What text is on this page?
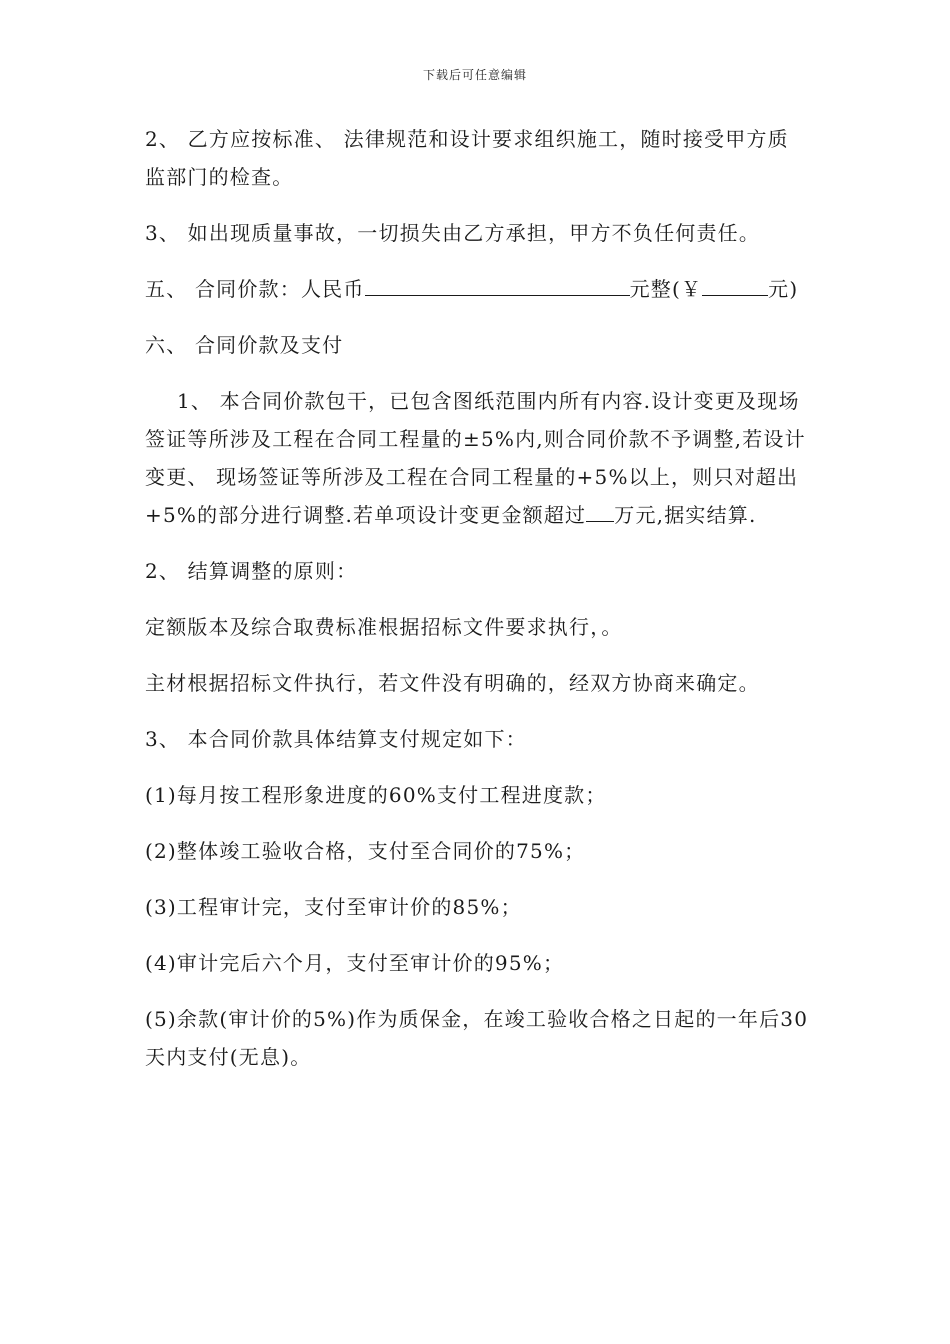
下载后可任意编辑

2、 乙方应按标准、 法律规范和设计要求组织施工，随时接受甲方质监部门的检查。

3、 如出现质量事故，一切损失由乙方承担，甲方不负任何责任。

五、 合同价款：人民币	元整(￥	元)

六、 合同价款及支付

1、 本合同价款包干，已包含图纸范围内所有内容.设计变更及现场签证等所涉及工程在合同工程量的±5%内,则合同价款不予调整,若设计变更、 现场签证等所涉及工程在合同工程量的+5%以上，则只对超出+5%的部分进行调整.若单项设计变更金额超过 万元,据实结算.

2、 结算调整的原则：

定额版本及综合取费标准根据招标文件要求执行，。

主材根据招标文件执行，若文件没有明确的，经双方协商来确定。

3、 本合同价款具体结算支付规定如下：

(1)每月按工程形象进度的60%支付工程进度款；

(2)整体竣工验收合格，支付至合同价的75%；

(3)工程审计完，支付至审计价的85%；

(4)审计完后六个月，支付至审计价的95%；

(5)余款(审计价的5%)作为质保金，在竣工验收合格之日起的一年后30天内支付(无息)。
